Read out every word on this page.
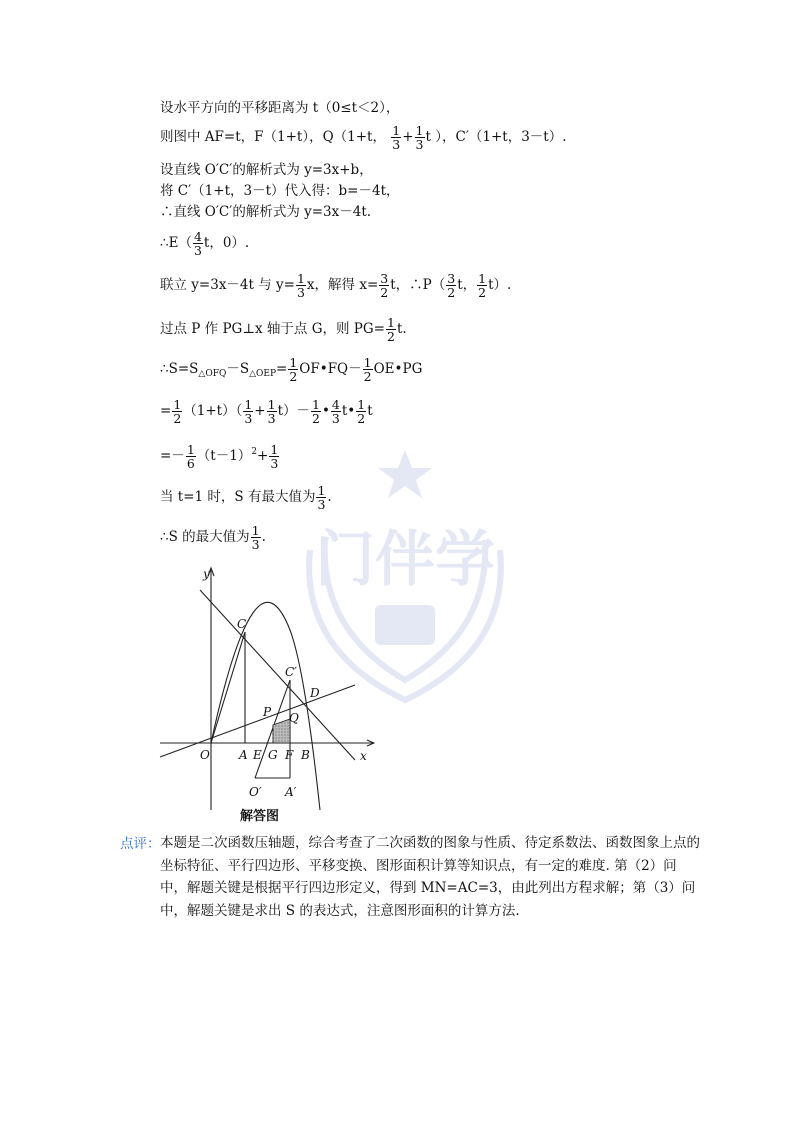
门伴学
设水平方向的平移距离为 t（0≤t＜2），
则图中 AF=t，F（1+t），Q（1+t， $\frac{1}{3} + \frac{1}{3}$ t ），C′（1+t，3－t）.
设直线 O′C′的解析式为 y=3x+b，
将 C′（1+t，3－t）代入得：b=－4t，
∴直线 O′C′的解析式为 y=3x－4t.
∴E（ $\frac{4}{3}$ t，0）.
联立 y=3x－4t 与 $y= \frac{1}{3}$ x，解得 $x= \frac{3}{2}$ t，∴P（ $\frac{3}{2}$ t， $\frac{1}{2} t$）.
过点 P 作 PG⊥x 轴于点 G，则 $PG= \frac{1}{2} t$.
$\therefore S=S_{\triangle OFQ}-S_{\triangle OEP}= \frac{1}{2}$ OF•FQ－ $\frac{1}{2}$ OE•PG
= $\frac{1}{2} (1+t)( \frac{1}{3} + \frac{1}{3} t)- \frac{1}{2}$ • $\frac{4}{3}$ t• $\frac{1}{2}$ t
=－ $\frac{1}{6} (t-1)^2+ \frac{1}{3}$
当 t=1 时，S 有最大值为 $\frac{1}{3}$ .
∴S 的最大值为 $\frac{1}{3}$ .
y
x
C
C′
D
P Q
O A E G F B
O′ A′
解答图
点评： 本题是二次函数压轴题，综合考查了二次函数的图象与性质、待定系数法、函数图象上点的坐标特征、平行四边形、平移变换、图形面积计算等知识点，有一定的难度. 第（2）问中，解题关键是根据平行四边形定义，得到 MN=AC=3，由此列出方程求解；第（3）问中，解题关键是求出 S 的表达式，注意图形面积的计算方法.
